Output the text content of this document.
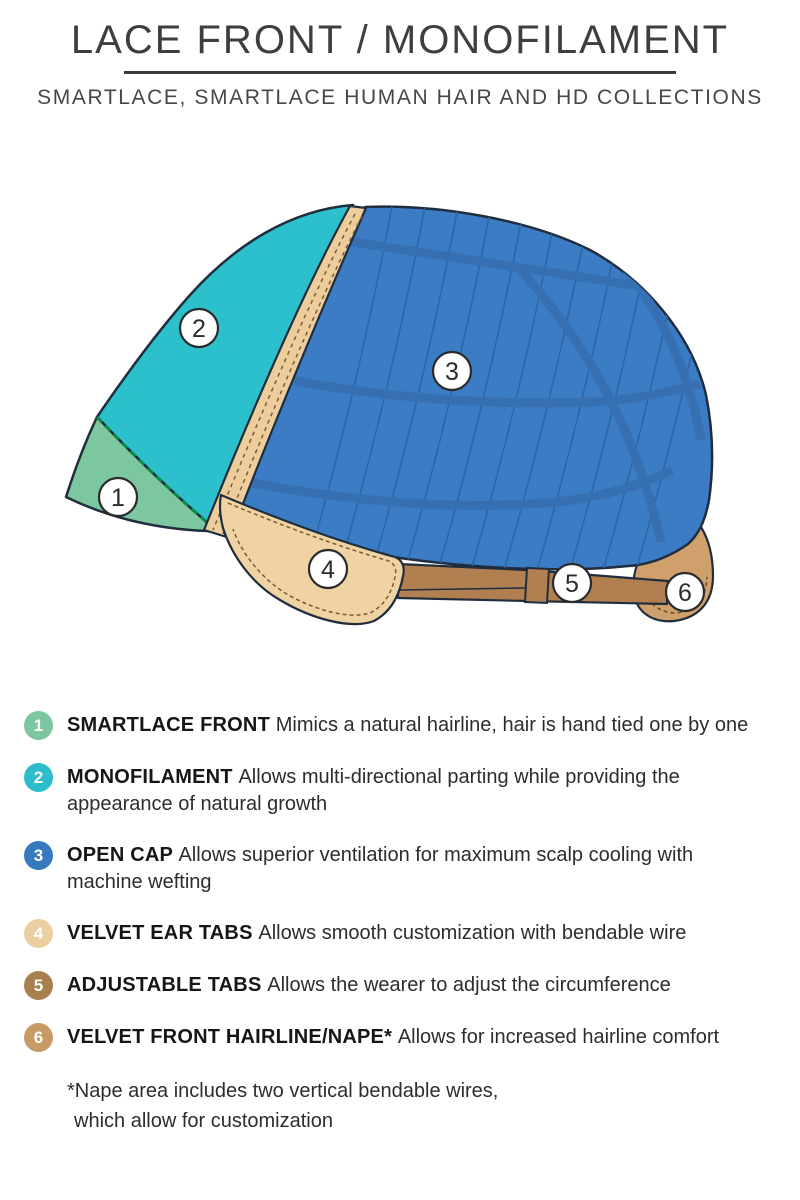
LACE FRONT / MONOFILAMENT
SMARTLACE, SMARTLACE HUMAN HAIR AND HD COLLECTIONS
1
2
3
4	5	6
1	SMARTLACE FRONT Mimics a natural hairline, hair is hand tied one by one
2	MONOFILAMENT Allows multi-directional parting while providing the appearance of natural growth
3	OPEN CAP Allows superior ventilation for maximum scalp cooling with machine wefting
4	VELVET EAR TABS Allows smooth customization with bendable wire
5	ADJUSTABLE TABS Allows the wearer to adjust the circumference
6	VELVET FRONT HAIRLINE/NAPE* Allows for increased hairline comfort
*Nape area includes two vertical bendable wires,
which allow for customization
